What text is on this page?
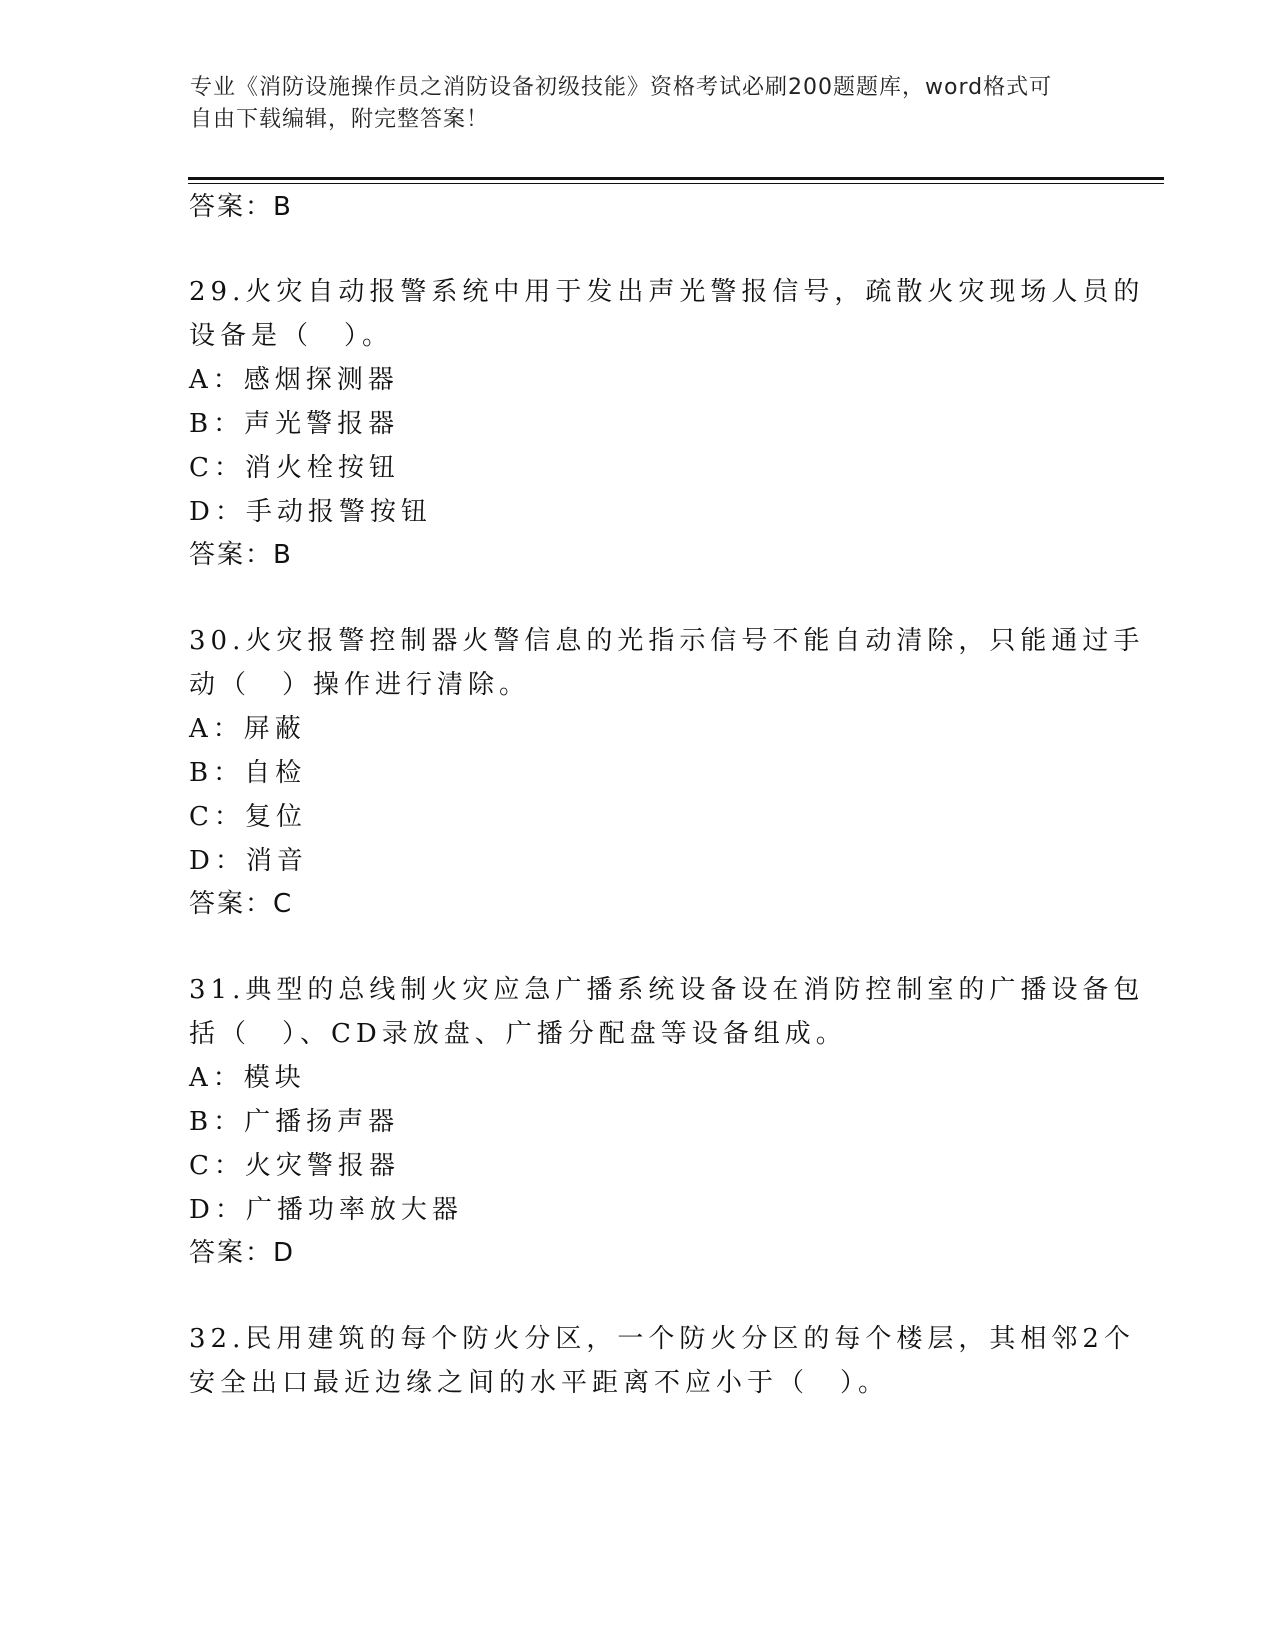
专业《消防设施操作员之消防设备初级技能》资格考试必刷200题题库，word格式可自由下载编辑，附完整答案！
答案：B
29.火灾自动报警系统中用于发出声光警报信号，疏散火灾现场人员的
设备是（　）。
A：感烟探测器
B：声光警报器
C：消火栓按钮
D：手动报警按钮
答案：B
30.火灾报警控制器火警信息的光指示信号不能自动清除，只能通过手
动（　）操作进行清除。
A：屏蔽
B：自检
C：复位
D：消音
答案：C
31.典型的总线制火灾应急广播系统设备设在消防控制室的广播设备包
括（　）、CD录放盘、广播分配盘等设备组成。
A：模块
B：广播扬声器
C：火灾警报器
D：广播功率放大器
答案：D
32.民用建筑的每个防火分区，一个防火分区的每个楼层，其相邻2个
安全出口最近边缘之间的水平距离不应小于（　）。
